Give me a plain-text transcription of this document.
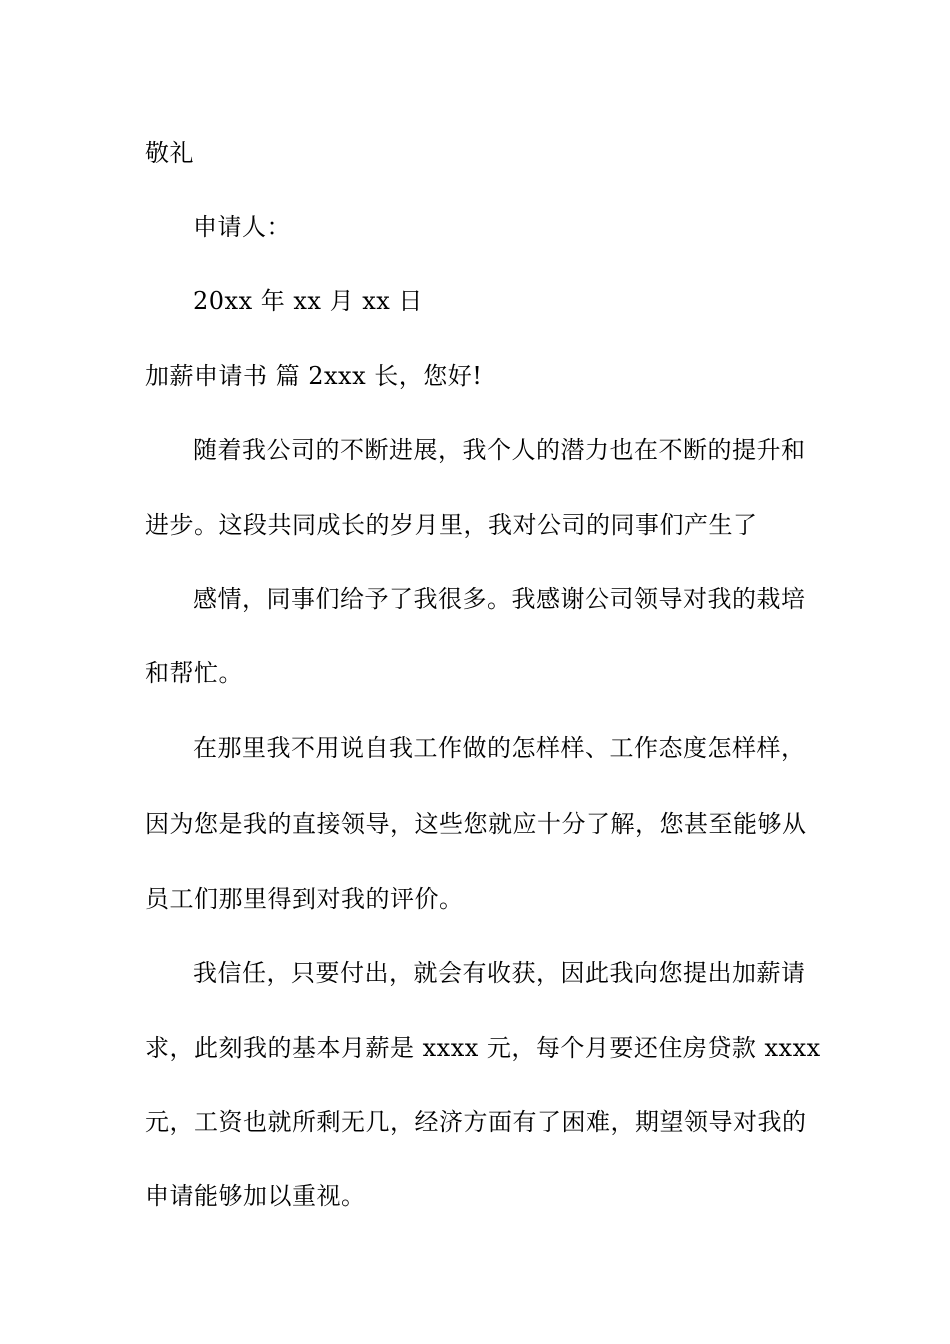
敬礼
申请人：
20xx 年 xx 月 xx 日
加薪申请书 篇 2xxx 长，您好!
随着我公司的不断进展，我个人的潜力也在不断的提升和
进步。这段共同成长的岁月里，我对公司的同事们产生了
感情，同事们给予了我很多。我感谢公司领导对我的栽培
和帮忙。
在那里我不用说自我工作做的怎样样、工作态度怎样样，
因为您是我的直接领导，这些您就应十分了解，您甚至能够从
员工们那里得到对我的评价。
我信任，只要付出，就会有收获，因此我向您提出加薪请
求，此刻我的基本月薪是 xxxx 元，每个月要还住房贷款 xxxx
元，工资也就所剩无几，经济方面有了困难，期望领导对我的
申请能够加以重视。
